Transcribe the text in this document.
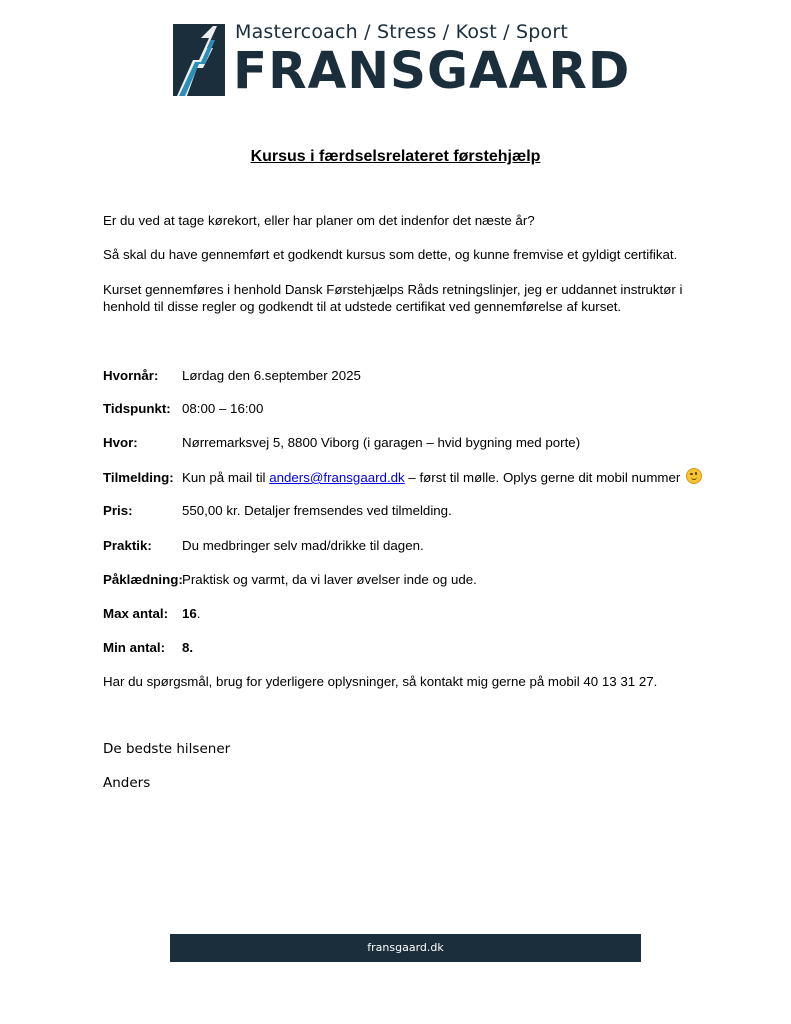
Mastercoach / Stress / Kost / Sport
FRANSGAARD
Kursus i færdselsrelateret førstehjælp
Er du ved at tage kørekort, eller har planer om det indenfor det næste år?
Så skal du have gennemført et godkendt kursus som dette, og kunne fremvise et gyldigt certifikat.
Kurset gennemføres i henhold Dansk Førstehjælps Råds retningslinjer, jeg er uddannet instruktør i henhold til disse regler og godkendt til at udstede certifikat ved gennemførelse af kurset.
Hvornår: Lørdag den 6.september 2025
Tidspunkt: 08:00 – 16:00
Hvor:	Nørremarksvej 5, 8800 Viborg (i garagen – hvid bygning med porte)
Tilmelding: Kun på mail til anders@fransgaard.dk – først til mølle. Oplys gerne dit mobil nummer
Pris:	550,00 kr. Detaljer fremsendes ved tilmelding.
Praktik: Du medbringer selv mad/drikke til dagen.
Påklædning:Praktisk og varmt, da vi laver øvelser inde og ude.
Max antal: 16.
Min antal: 8.
Har du spørgsmål, brug for yderligere oplysninger, så kontakt mig gerne på mobil 40 13 31 27.
De bedste hilsener
Anders
fransgaard.dk
